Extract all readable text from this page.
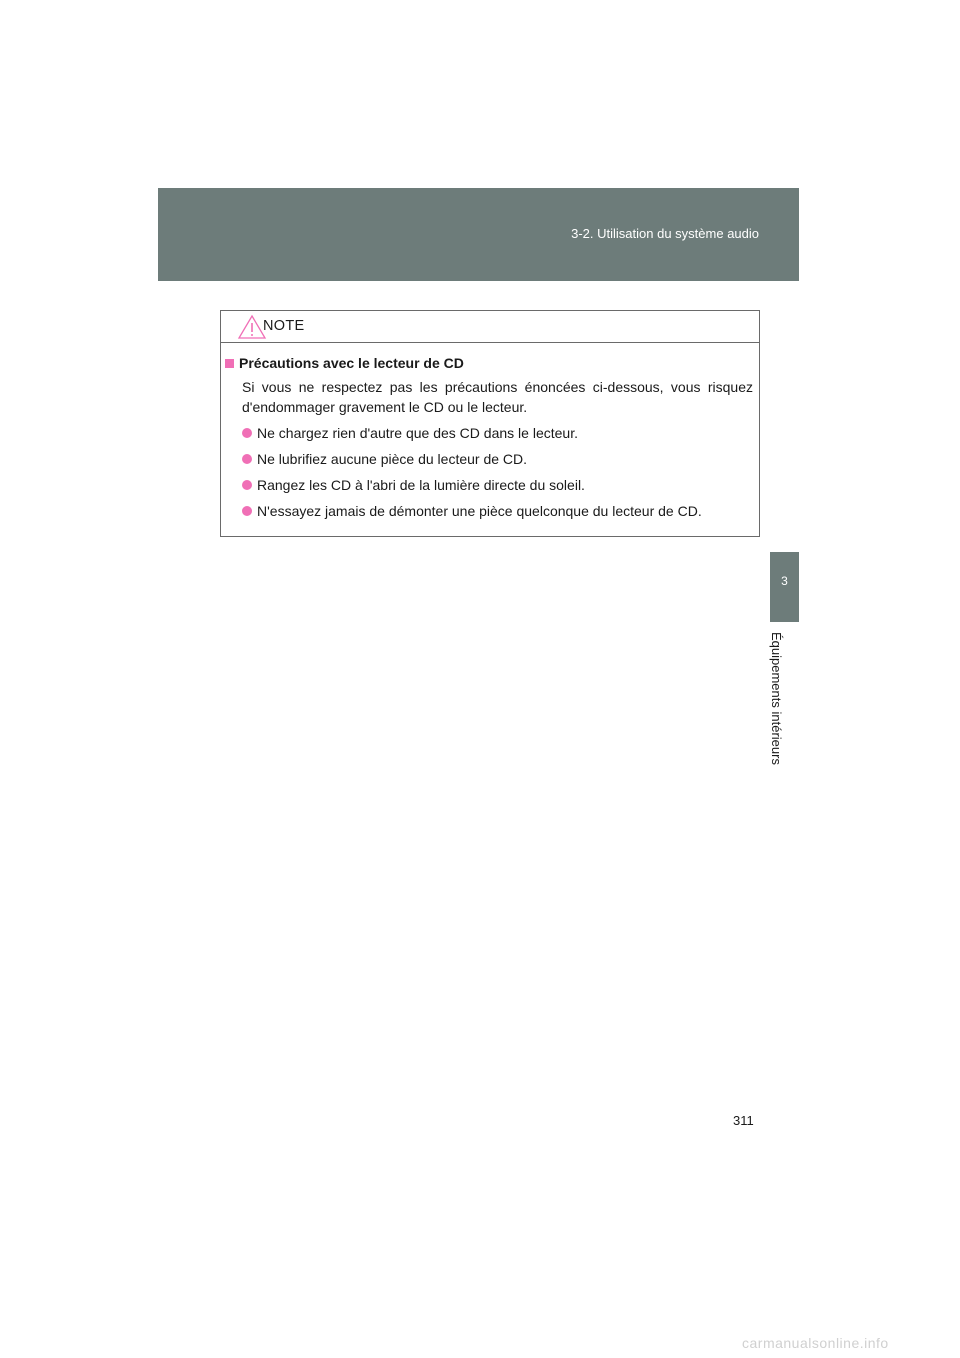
3-2. Utilisation du système audio
3
Équipements intérieurs
NOTE
Précautions avec le lecteur de CD
Si vous ne respectez pas les précautions énoncées ci-dessous, vous risquez d'endommager gravement le CD ou le lecteur.
Ne chargez rien d'autre que des CD dans le lecteur.
Ne lubrifiez aucune pièce du lecteur de CD.
Rangez les CD à l'abri de la lumière directe du soleil.
N'essayez jamais de démonter une pièce quelconque du lecteur de CD.
311
carmanualsonline.info
